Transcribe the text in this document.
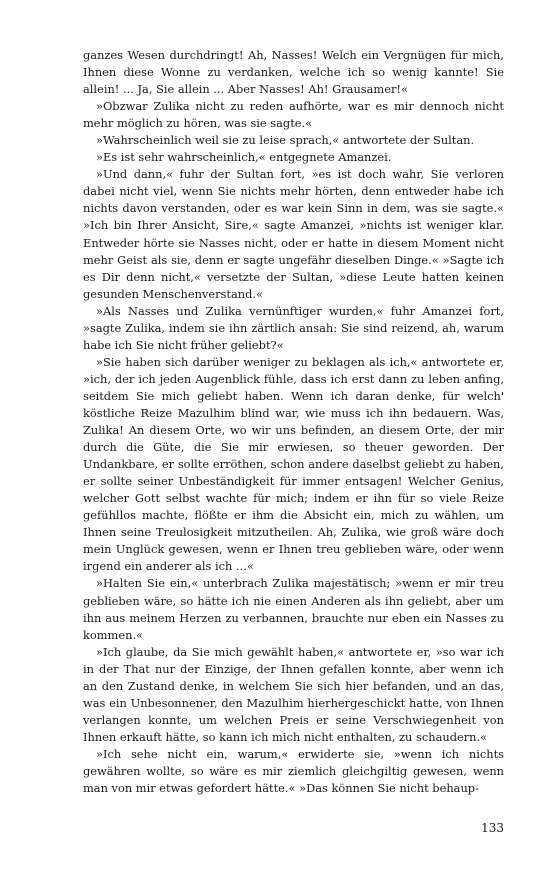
ganzes Wesen durchdringt! Ah, Nasses! Welch ein Vergnügen für mich, Ihnen diese Wonne zu verdanken, welche ich so wenig kannte! Sie allein! ... Ja, Sie allein ... Aber Nasses! Ah! Grausamer!«

»Obzwar Zulika nicht zu reden aufhörte, war es mir dennoch nicht mehr möglich zu hören, was sie sagte.«

»Wahrscheinlich weil sie zu leise sprach,« antwortete der Sultan.

»Es ist sehr wahrscheinlich,« entgegnete Amanzei.

»Und dann,« fuhr der Sultan fort, »es ist doch wahr, Sie verloren dabei nicht viel, wenn Sie nichts mehr hörten, denn entweder habe ich nichts davon verstanden, oder es war kein Sinn in dem, was sie sagte.« »Ich bin Ihrer Ansicht, Sire,« sagte Amanzei, »nichts ist weniger klar. Entweder hörte sie Nasses nicht, oder er hatte in diesem Moment nicht mehr Geist als sie, denn er sagte ungefähr dieselben Dinge.« »Sagte ich es Dir denn nicht,« versetzte der Sultan, »diese Leute hatten keinen gesunden Menschenverstand.«

»Als Nasses und Zulika vernünftiger wurden,« fuhr Amanzei fort, »sagte Zulika, indem sie ihn zärtlich ansah: Sie sind reizend, ah, warum habe ich Sie nicht früher geliebt?«

»Sie haben sich darüber weniger zu beklagen als ich,« antwortete er, »ich, der ich jeden Augenblick fühle, dass ich erst dann zu leben anfing, seitdem Sie mich geliebt haben. Wenn ich daran denke, für welch' köstliche Reize Mazulhim blind war, wie muss ich ihn bedauern. Was, Zulika! An diesem Orte, wo wir uns befinden, an diesem Orte, der mir durch die Güte, die Sie mir erwiesen, so theuer geworden. Der Undankbare, er sollte erröthen, schon andere daselbst geliebt zu haben, er sollte seiner Unbeständigkeit für immer entsagen! Welcher Genius, welcher Gott selbst wachte für mich; indem er ihn für so viele Reize gefühllos machte, flößte er ihm die Absicht ein, mich zu wählen, um Ihnen seine Treulosigkeit mitzutheilen. Ah, Zulika, wie groß wäre doch mein Unglück gewesen, wenn er Ihnen treu geblieben wäre, oder wenn irgend ein anderer als ich ...«

»Halten Sie ein,« unterbrach Zulika majestätisch; »wenn er mir treu geblieben wäre, so hätte ich nie einen Anderen als ihn geliebt, aber um ihn aus meinem Herzen zu verbannen, brauchte nur eben ein Nasses zu kommen.«

»Ich glaube, da Sie mich gewählt haben,« antwortete er, »so war ich in der That nur der Einzige, der Ihnen gefallen konnte, aber wenn ich an den Zustand denke, in welchem Sie sich hier befanden, und an das, was ein Unbesonnener, den Mazulhim hierhergeschickt hatte, von Ihnen verlangen konnte, um welchen Preis er seine Verschwiegenheit von Ihnen erkauft hätte, so kann ich mich nicht enthalten, zu schaudern.«

»Ich sehe nicht ein, warum,« erwiderte sie, »wenn ich nichts gewähren wollte, so wäre es mir ziemlich gleichgiltig gewesen, wenn man von mir etwas gefordert hätte.« »Das können Sie nicht behaup-

133
